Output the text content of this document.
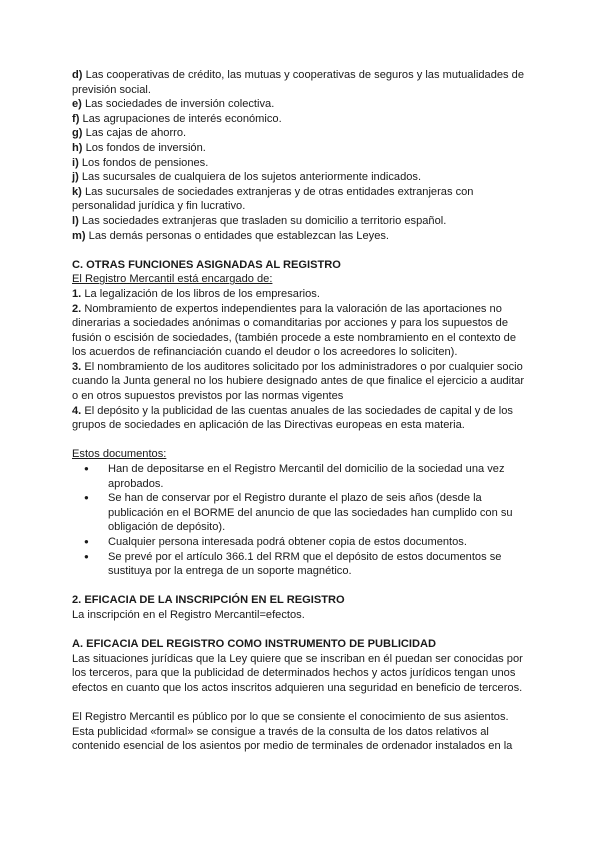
d) Las cooperativas de crédito, las mutuas y cooperativas de seguros y las mutualidades de previsión social.

e) Las sociedades de inversión colectiva.

f) Las agrupaciones de interés económico.

g) Las cajas de ahorro.

h) Los fondos de inversión.

i) Los fondos de pensiones.

j) Las sucursales de cualquiera de los sujetos anteriormente indicados.

k) Las sucursales de sociedades extranjeras y de otras entidades extranjeras con personalidad jurídica y fin lucrativo.

l) Las sociedades extranjeras que trasladen su domicilio a territorio español.

m) Las demás personas o entidades que establezcan las Leyes.

C. OTRAS FUNCIONES ASIGNADAS AL REGISTRO

El Registro Mercantil está encargado de:

1. La legalización de los libros de los empresarios.

2. Nombramiento de expertos independientes para la valoración de las aportaciones no dinerarias a sociedades anónimas o comanditarias por acciones y para los supuestos de fusión o escisión de sociedades, (también procede a este nombramiento en el contexto de los acuerdos de refinanciación cuando el deudor o los acreedores lo soliciten).

3. El nombramiento de los auditores solicitado por los administradores o por cualquier socio cuando la Junta general no los hubiere designado antes de que finalice el ejercicio a auditar o en otros supuestos previstos por las normas vigentes

4. El depósito y la publicidad de las cuentas anuales de las sociedades de capital y de los grupos de sociedades en aplicación de las Directivas europeas en esta materia.

Estos documentos:

● Han de depositarse en el Registro Mercantil del domicilio de la sociedad una vez aprobados.
● Se han de conservar por el Registro durante el plazo de seis años (desde la publicación en el BORME del anuncio de que las sociedades han cumplido con su obligación de depósito).
● Cualquier persona interesada podrá obtener copia de estos documentos.
● Se prevé por el artículo 366.1 del RRM que el depósito de estos documentos se sustituya por la entrega de un soporte magnético.
2. EFICACIA DE LA INSCRIPCIÓN EN EL REGISTRO

La inscripción en el Registro Mercantil=efectos.

A. EFICACIA DEL REGISTRO COMO INSTRUMENTO DE PUBLICIDAD

Las situaciones jurídicas que la Ley quiere que se inscriban en él puedan ser conocidas por los terceros, para que la publicidad de determinados hechos y actos jurídicos tengan unos efectos en cuanto que los actos inscritos adquieren una seguridad en beneficio de terceros.

El Registro Mercantil es público por lo que se consiente el conocimiento de sus asientos. Esta publicidad «formal» se consigue a través de la consulta de los datos relativos al contenido esencial de los asientos por medio de terminales de ordenador instalados en la
